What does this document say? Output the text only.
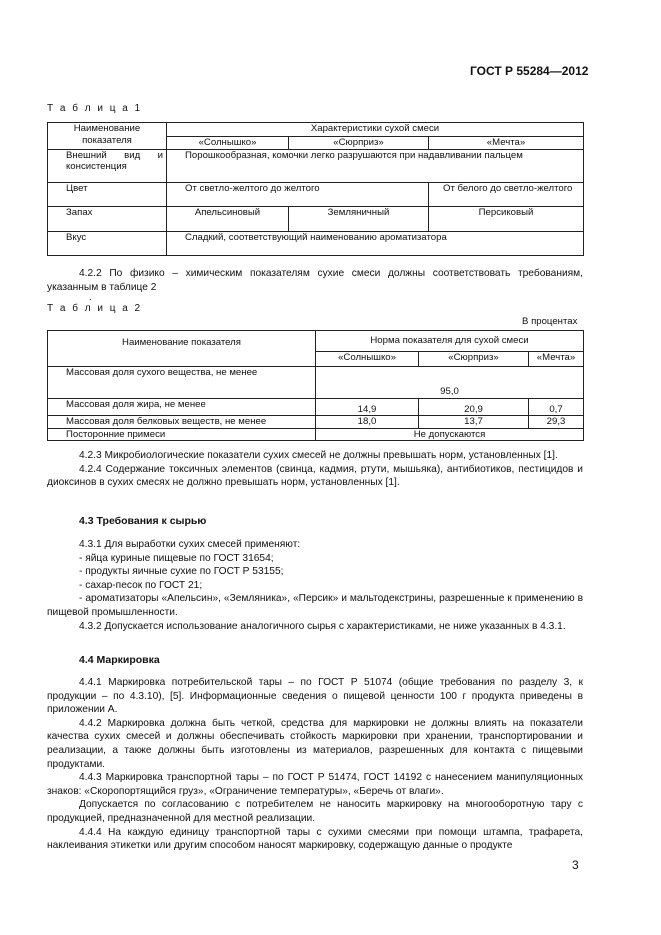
ГОСТ Р 55284—2012
Т а б л и ц а 1
Наименование показателя	Характеристики сухой смеси		
	«Солнышко»	«Сюрприз»	«Мечта»
Внешний вид и консистенция	Порошкообразная, комочки легко разрушаются при надавливании пальцем		
Цвет	От светло-желтого до желтого		От белого до светло-желтого
Запах	Апельсиновый	Земляничный	Персиковый
Вкус	Сладкий, соответствующий наименованию ароматизатора		

4.2.2 По физико – химическим показателям сухие смеси должны соответствовать требованиям, указанным в таблице 2

.
Т а б л и ц а 2
В процентах
Наименование показателя	Норма показателя для сухой смеси		
	«Солнышко»	«Сюрприз»	«Мечта»
Массовая доля сухого вещества, не менее	95,0		
Массовая доля жира, не менее	14,9	20,9	0,7
Массовая доля белковых веществ, не менее	18,0	13,7	29,3
Посторонние примеси	Не допускаются		

4.2.3 Микробиологические показатели сухих смесей не должны превышать норм, установленных [1].

4.2.4 Содержание токсичных элементов (свинца, кадмия, ртути, мышьяка), антибиотиков, пестицидов и диоксинов в сухих смесях не должно превышать норм, установленных [1].

4.3 Требования к сырью

4.3.1 Для выработки сухих смесей применяют:

- яйца куриные пищевые по ГОСТ 31654;

- продукты яичные сухие по ГОСТ Р 53155;

- сахар-песок по ГОСТ 21;

- ароматизаторы «Апельсин», «Земляника», «Персик» и мальтодекстрины, разрешенные к применению в пищевой промышленности.

4.3.2 Допускается использование аналогичного сырья с характеристиками, не ниже указанных в 4.3.1.

4.4 Маркировка

4.4.1 Маркировка потребительской тары – по ГОСТ Р 51074 (общие требования по разделу 3, к продукции – по 4.3.10), [5]. Информационные сведения о пищевой ценности 100 г продукта приведены в приложении А.

4.4.2 Маркировка должна быть четкой, средства для маркировки не должны влиять на показатели качества сухих смесей и должны обеспечивать стойкость маркировки при хранении, транспортировании и реализации, а также должны быть изготовлены из материалов, разрешенных для контакта с пищевыми продуктами.

4.4.3 Маркировка транспортной тары – по ГОСТ Р 51474, ГОСТ 14192 с нанесением манипуляционных знаков: «Скоропортящийся груз», «Ограничение температуры», «Беречь от влаги».

Допускается по согласованию с потребителем не наносить маркировку на многооборотную тару с продукцией, предназначенной для местной реализации.

4.4.4 На каждую единицу транспортной тары с сухими смесями при помощи штампа, трафарета, наклеивания этикетки или другим способом наносят маркировку, содержащую данные о продукте

3
